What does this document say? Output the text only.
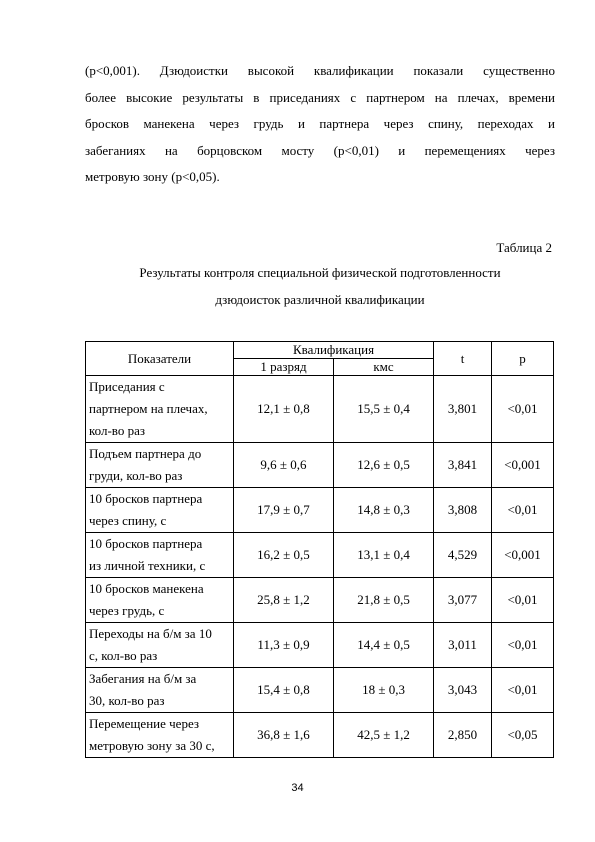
(p<0,001). Дзюдоистки высокой квалификации показали существенно
более высокие результаты в приседаниях с партнером на плечах, времени
бросков манекена через грудь и партнера через спину, переходах и
забеганиях на борцовском мосту (p<0,01) и перемещениях через
метровую зону (p<0,05).
Таблица 2
Результаты контроля специальной физической подготовленности
дзюдоисток различной квалификации
Показатели	Квалификация		t	p
	1 разряд	кмс		

Приседания с
партнером на плечах,
кол-во раз	12,1 ± 0,8	15,5 ± 0,4	3,801	<0,01

Подъем партнера до
груди, кол-во раз	9,6 ± 0,6	12,6 ± 0,5	3,841	<0,001

10 бросков партнера
через спину, с	17,9 ± 0,7	14,8 ± 0,3	3,808	<0,01

10 бросков партнера
из личной техники, с	16,2 ± 0,5	13,1 ± 0,4	4,529	<0,001

10 бросков манекена
через грудь, с	25,8 ± 1,2	21,8 ± 0,5	3,077	<0,01

Переходы на б/м за 10
с, кол-во раз	11,3 ± 0,9	14,4 ± 0,5	3,011	<0,01

Забегания на б/м за
30, кол-во раз	15,4 ± 0,8	18 ± 0,3	3,043	<0,01

Перемещение через
метровую зону за 30 с,	36,8 ± 1,6	42,5 ± 1,2	2,850	<0,05
34
